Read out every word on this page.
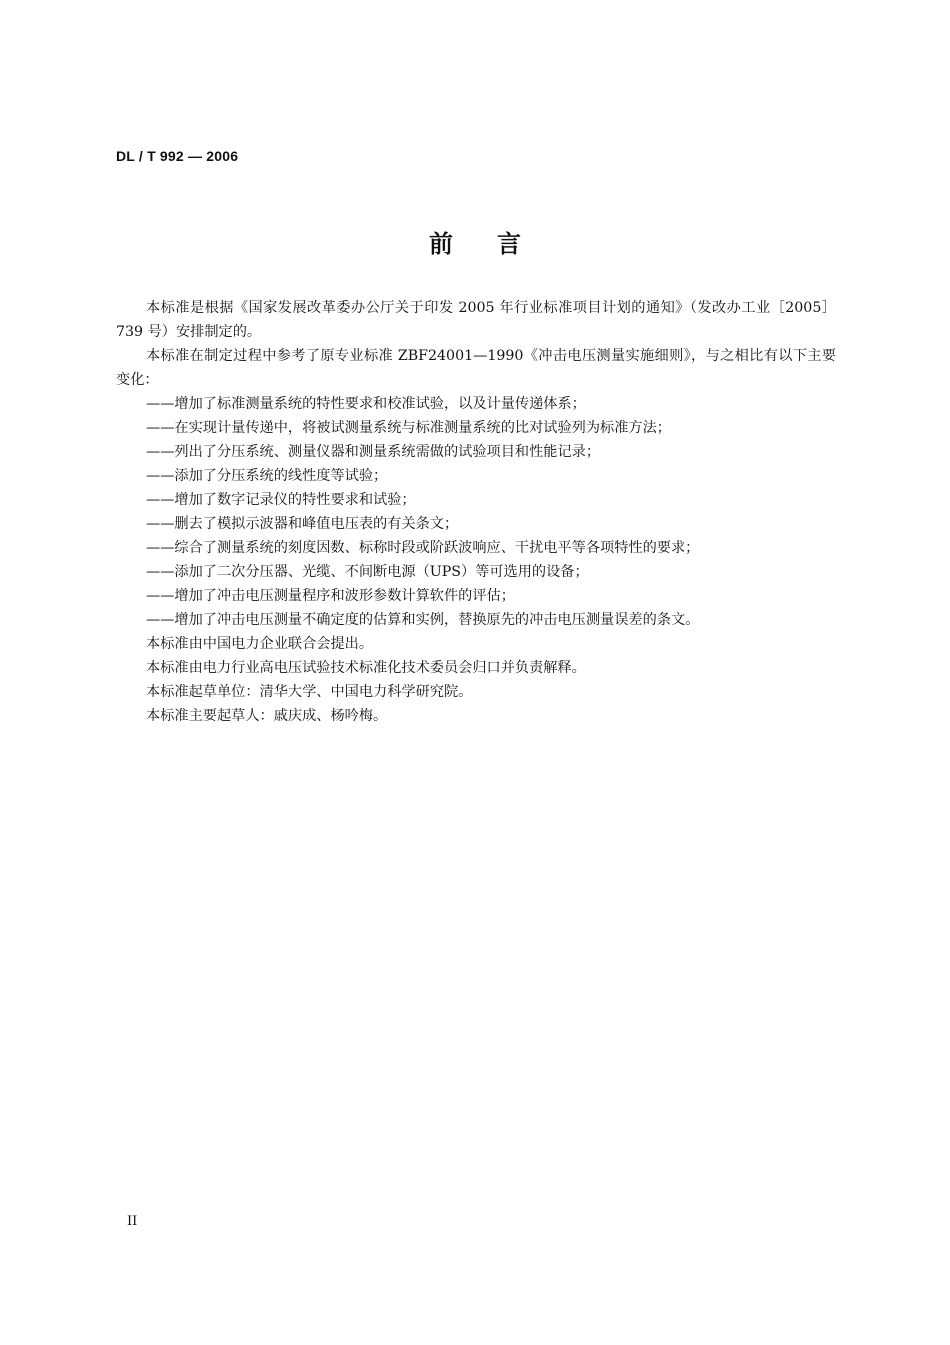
DL / T 992 — 2006
前言

本标准是根据《国家发展改革委办公厅关于印发 2005 年行业标准项目计划的通知》（发改办工业［2005］739 号）安排制定的。

本标准在制定过程中参考了原专业标准 ZBF24001—1990《冲击电压测量实施细则》，与之相比有以下主要变化：

——增加了标准测量系统的特性要求和校准试验，以及计量传递体系；

——在实现计量传递中，将被试测量系统与标准测量系统的比对试验列为标准方法；

——列出了分压系统、测量仪器和测量系统需做的试验项目和性能记录；

——添加了分压系统的线性度等试验；

——增加了数字记录仪的特性要求和试验；

——删去了模拟示波器和峰值电压表的有关条文；

——综合了测量系统的刻度因数、标称时段或阶跃波响应、干扰电平等各项特性的要求；

——添加了二次分压器、光缆、不间断电源（UPS）等可选用的设备；

——增加了冲击电压测量程序和波形参数计算软件的评估；

——增加了冲击电压测量不确定度的估算和实例，替换原先的冲击电压测量误差的条文。

本标准由中国电力企业联合会提出。

本标准由电力行业高电压试验技术标准化技术委员会归口并负责解释。

本标准起草单位：清华大学、中国电力科学研究院。

本标准主要起草人：戚庆成、杨吟梅。

II
